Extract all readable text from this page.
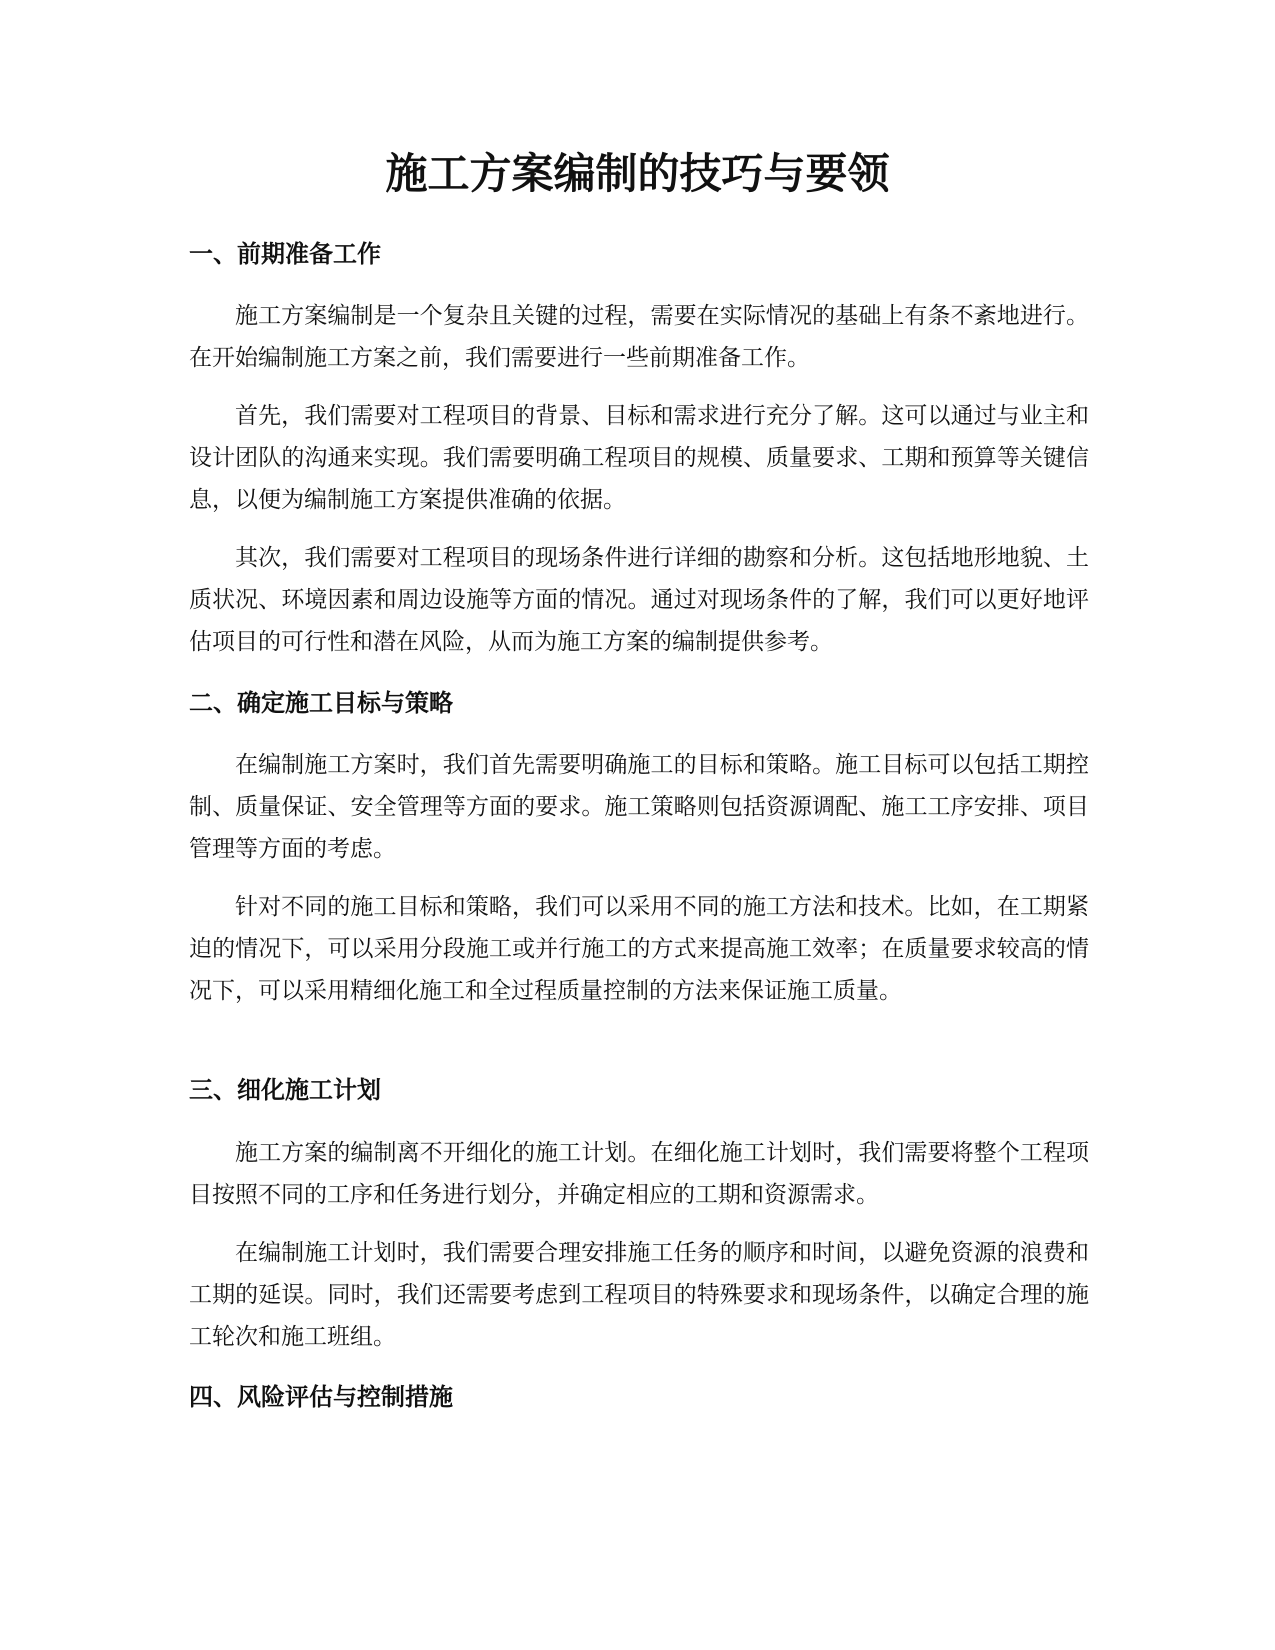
施工方案编制的技巧与要领
一、前期准备工作

施工方案编制是一个复杂且关键的过程，需要在实际情况的基础上有条不紊地进行。在开始编制施工方案之前，我们需要进行一些前期准备工作。

首先，我们需要对工程项目的背景、目标和需求进行充分了解。这可以通过与业主和设计团队的沟通来实现。我们需要明确工程项目的规模、质量要求、工期和预算等关键信息，以便为编制施工方案提供准确的依据。

其次，我们需要对工程项目的现场条件进行详细的勘察和分析。这包括地形地貌、土质状况、环境因素和周边设施等方面的情况。通过对现场条件的了解，我们可以更好地评估项目的可行性和潜在风险，从而为施工方案的编制提供参考。

二、确定施工目标与策略

在编制施工方案时，我们首先需要明确施工的目标和策略。施工目标可以包括工期控制、质量保证、安全管理等方面的要求。施工策略则包括资源调配、施工工序安排、项目管理等方面的考虑。

针对不同的施工目标和策略，我们可以采用不同的施工方法和技术。比如，在工期紧迫的情况下，可以采用分段施工或并行施工的方式来提高施工效率；在质量要求较高的情况下，可以采用精细化施工和全过程质量控制的方法来保证施工质量。

三、细化施工计划

施工方案的编制离不开细化的施工计划。在细化施工计划时，我们需要将整个工程项目按照不同的工序和任务进行划分，并确定相应的工期和资源需求。

在编制施工计划时，我们需要合理安排施工任务的顺序和时间，以避免资源的浪费和工期的延误。同时，我们还需要考虑到工程项目的特殊要求和现场条件，以确定合理的施工轮次和施工班组。

四、风险评估与控制措施
